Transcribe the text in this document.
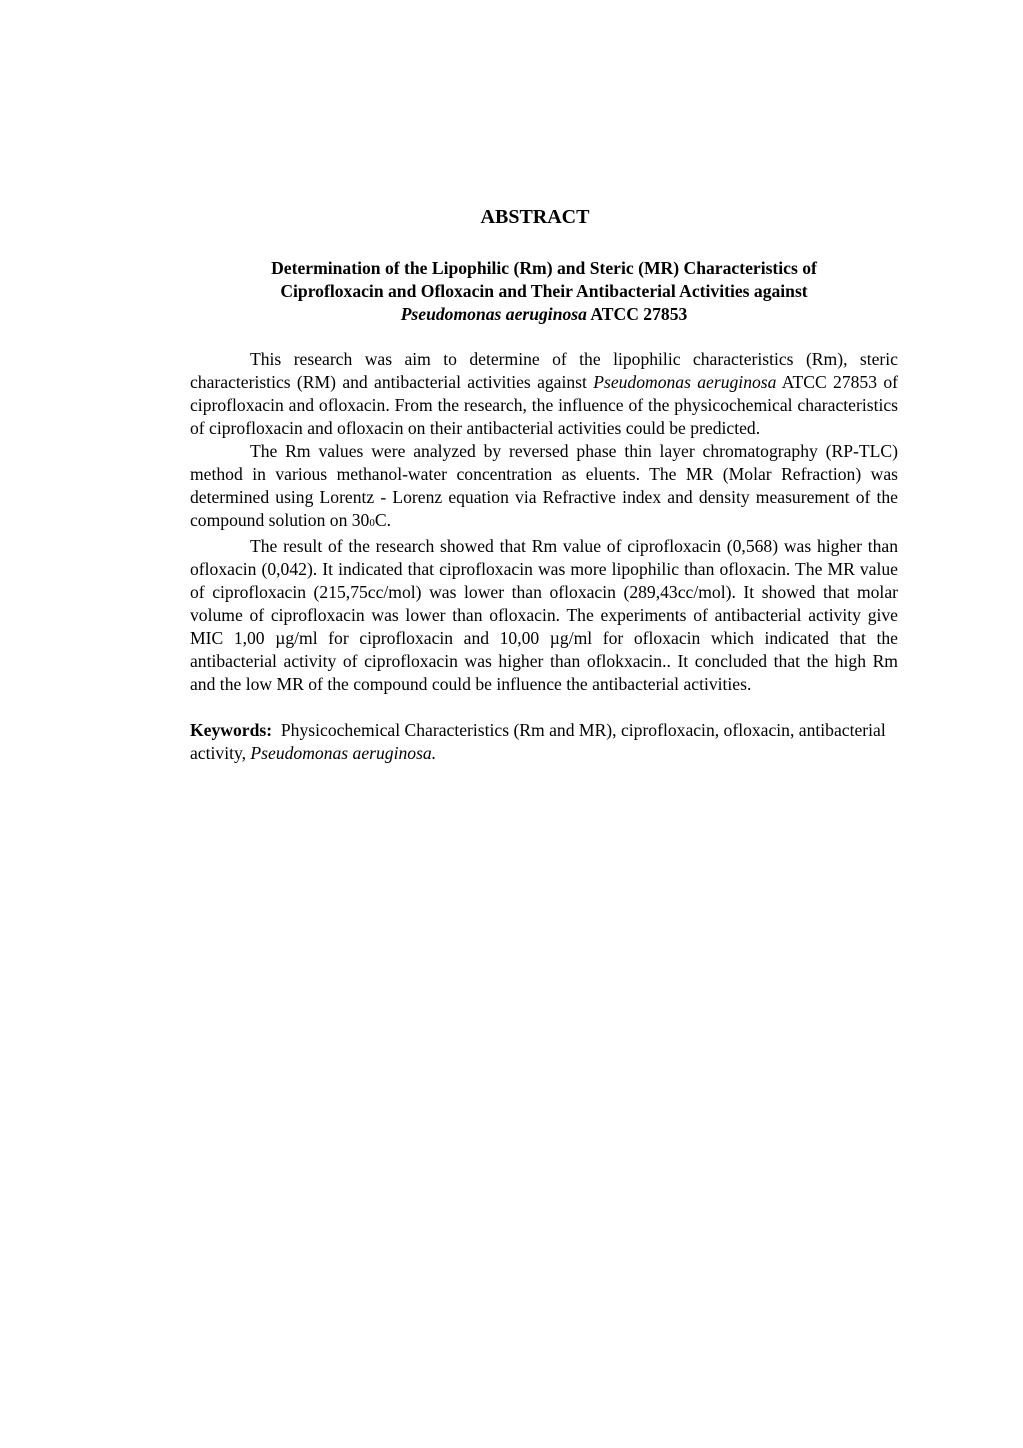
ABSTRACT
Determination of the Lipophilic (Rm) and Steric (MR) Characteristics of
Ciprofloxacin and Ofloxacin and Their Antibacterial Activities against
Pseudomonas aeruginosa ATCC 27853

This research was aim to determine of the lipophilic characteristics (Rm), steric characteristics (RM) and antibacterial activities against Pseudomonas aeruginosa ATCC 27853 of ciprofloxacin and ofloxacin. From the research, the influence of the physicochemical characteristics of ciprofloxacin and ofloxacin on their antibacterial activities could be predicted.

The Rm values were analyzed by reversed phase thin layer chromatography (RP-TLC) method in various methanol-water concentration as eluents. The MR (Molar Refraction) was determined using Lorentz - Lorenz equation via Refractive index and density measurement of the compound solution on 300C.

The result of the research showed that Rm value of ciprofloxacin (0,568) was higher than ofloxacin (0,042). It indicated that ciprofloxacin was more lipophilic than ofloxacin. The MR value of ciprofloxacin (215,75cc/mol) was lower than ofloxacin (289,43cc/mol). It showed that molar volume of ciprofloxacin was lower than ofloxacin. The experiments of antibacterial activity give MIC 1,00 µg/ml for ciprofloxacin and 10,00 µg/ml for ofloxacin which indicated that the antibacterial activity of ciprofloxacin was higher than oflokxacin.. It concluded that the high Rm and the low MR of the compound could be influence the antibacterial activities.

Keywords:  Physicochemical Characteristics (Rm and MR), ciprofloxacin, ofloxacin, antibacterial activity, Pseudomonas aeruginosa.
